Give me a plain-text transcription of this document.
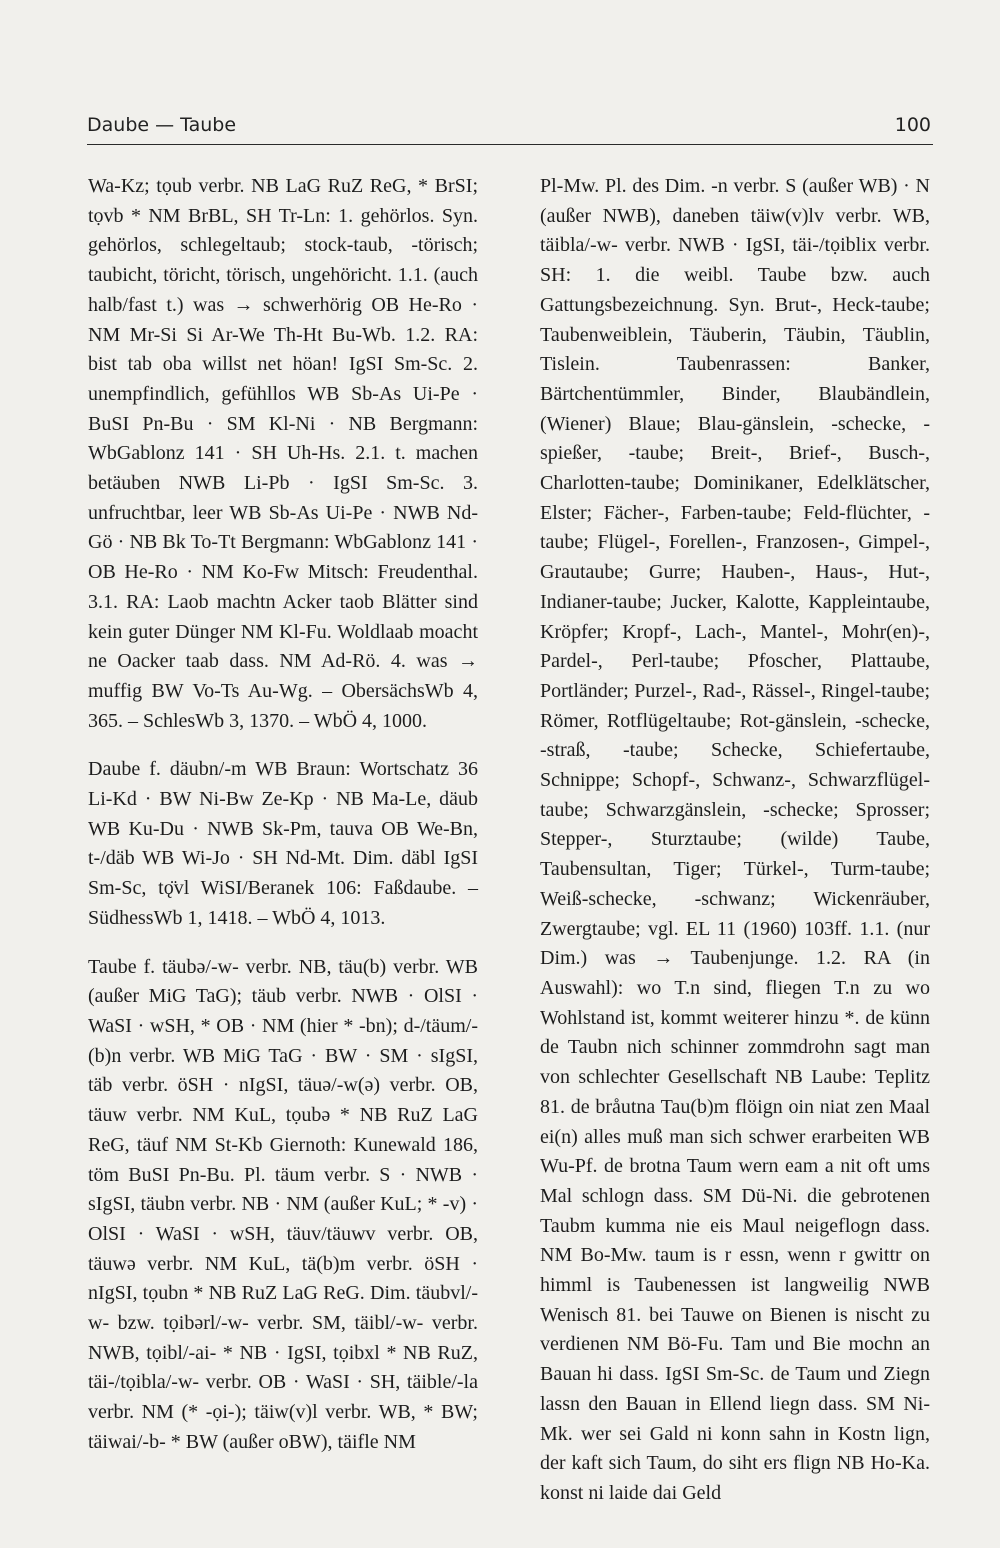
Daube — Taube	100

Wa-Kz; tọub verbr. NB LaG RuZ ReG, * BrSI; tọvb * NM BrBL, SH Tr-Ln: 1. gehörlos. Syn. gehörlos, schlegeltaub; stock-taub, -törisch; taubicht, töricht, törisch, ungehöricht. 1.1. (auch halb/fast t.) was → schwerhörig OB He-Ro · NM Mr-Si Si Ar-We Th-Ht Bu-Wb. 1.2. RA: bist tab oba willst net höan! IgSI Sm-Sc. 2. unempfindlich, gefühllos WB Sb-As Ui-Pe · BuSI Pn-Bu · SM Kl-Ni · NB Bergmann: WbGablonz 141 · SH Uh-Hs. 2.1. t. machen betäuben NWB Li-Pb · IgSI Sm-Sc. 3. unfruchtbar, leer WB Sb-As Ui-Pe · NWB Nd-Gö · NB Bk To-Tt Bergmann: WbGablonz 141 · OB He-Ro · NM Ko-Fw Mitsch: Freudenthal. 3.1. RA: Laob machtn Acker taob Blätter sind kein guter Dünger NM Kl-Fu. Woldlaab moacht ne Oacker taab dass. NM Ad-Rö. 4. was → muffig BW Vo-Ts Au-Wg. – ObersächsWb 4, 365. – SchlesWb 3, 1370. – WbÖ 4, 1000.

Daube f. däubn/-m WB Braun: Wortschatz 36 Li-Kd · BW Ni-Bw Ze-Kp · NB Ma-Le, däub WB Ku-Du · NWB Sk-Pm, tauva OB We-Bn, t-/däb WB Wi-Jo · SH Nd-Mt. Dim. däbl IgSI Sm-Sc, tǫ̈vl WiSI/Beranek 106: Faßdaube. – SüdhessWb 1, 1418. – WbÖ 4, 1013.

Taube f. täubə/-w- verbr. NB, täu(b) verbr. WB (außer MiG TaG); täub verbr. NWB · OlSI · WaSI · wSH, * OB · NM (hier * -bn); d-/täum/-(b)n verbr. WB MiG TaG · BW · SM · sIgSI, täb verbr. öSH · nIgSI, täuə/-w(ə) verbr. OB, täuw verbr. NM KuL, tọubə * NB RuZ LaG ReG, täuf NM St-Kb Giernoth: Kunewald 186, töm BuSI Pn-Bu. Pl. täum verbr. S · NWB · sIgSI, täubn verbr. NB · NM (außer KuL; * -v) · OlSI · WaSI · wSH, täuv/täuwv verbr. OB, täuwə verbr. NM KuL, tä(b)m verbr. öSH · nIgSI, tọubn * NB RuZ LaG ReG. Dim. täubvl/-w- bzw. tọibərl/-w- verbr. SM, täibl/-w- verbr. NWB, tọibl/-ai- * NB · IgSI, tọibxl * NB RuZ, täi-/tọibla/-w- verbr. OB · WaSI · SH, täible/-la verbr. NM (* -ọi-); täiw(v)l verbr. WB, * BW; täiwai/-b- * BW (außer oBW), täifle NM

Pl-Mw. Pl. des Dim. -n verbr. S (außer WB) · N (außer NWB), daneben täiw(v)lv verbr. WB, täibla/-w- verbr. NWB · IgSI, täi-/tọiblix verbr. SH: 1. die weibl. Taube bzw. auch Gattungsbezeichnung. Syn. Brut-, Heck-taube; Taubenweiblein, Täuberin, Täubin, Täublin, Tislein. Taubenrassen: Banker, Bärtchentümmler, Binder, Blaubändlein, (Wiener) Blaue; Blau-gänslein, -schecke, -spießer, -taube; Breit-, Brief-, Busch-, Charlotten-taube; Dominikaner, Edelklätscher, Elster; Fächer-, Farben-taube; Feld-flüchter, -taube; Flügel-, Forellen-, Franzosen-, Gimpel-, Grautaube; Gurre; Hauben-, Haus-, Hut-, Indianer-taube; Jucker, Kalotte, Kappleintaube, Kröpfer; Kropf-, Lach-, Mantel-, Mohr(en)-, Pardel-, Perl-taube; Pfoscher, Plattaube, Portländer; Purzel-, Rad-, Rässel-, Ringel-taube; Römer, Rotflügeltaube; Rot-gänslein, -schecke, -straß, -taube; Schecke, Schiefertaube, Schnippe; Schopf-, Schwanz-, Schwarzflügel-taube; Schwarzgänslein, -schecke; Sprosser; Stepper-, Sturztaube; (wilde) Taube, Taubensultan, Tiger; Türkel-, Turm-taube; Weiß-schecke, -schwanz; Wickenräuber, Zwergtaube; vgl. EL 11 (1960) 103ff. 1.1. (nur Dim.) was → Taubenjunge. 1.2. RA (in Auswahl): wo T.n sind, fliegen T.n zu wo Wohlstand ist, kommt weiterer hinzu *. de künn de Taubn nich schinner zommdrohn sagt man von schlechter Gesellschaft NB Laube: Teplitz 81. de bråutna Tau(b)m flöign oin niat zen Maal ei(n) alles muß man sich schwer erarbeiten WB Wu-Pf. de brotna Taum wern eam a nit oft ums Mal schlogn dass. SM Dü-Ni. die gebrotenen Taubm kumma nie eis Maul neigeflogn dass. NM Bo-Mw. taum is r essn, wenn r gwittr on himml is Taubenessen ist langweilig NWB Wenisch 81. bei Tauwe on Bienen is nischt zu verdienen NM Bö-Fu. Tam und Bie mochn an Bauan hi dass. IgSI Sm-Sc. de Taum und Ziegn lassn den Bauan in Ellend liegn dass. SM Ni-Mk. wer sei Gald ni konn sahn in Kostn lign, der kaft sich Taum, do siht ers flign NB Ho-Ka. konst ni laide dai Geld
